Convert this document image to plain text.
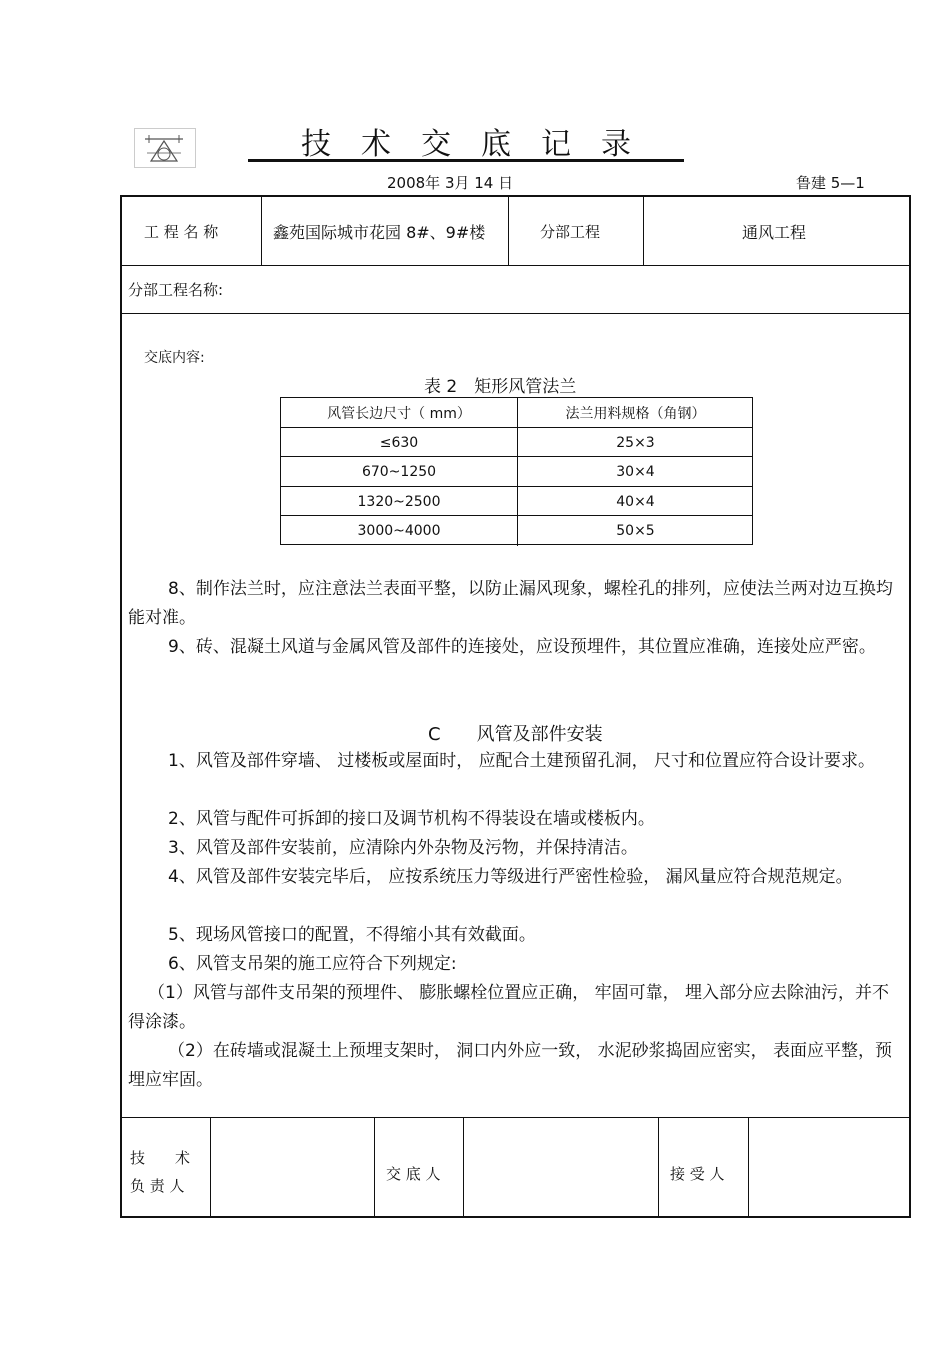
技术交底记录
2008年 3月 14 日	鲁建 5—1
工 程 名 称	鑫苑国际城市花园 8#、9#楼	分部工程	通风工程
分部工程名称:
交底内容:
表 2　矩形风管法兰
风管长边尺寸（ mm）	法兰用料规格（角钢）
≤630	25×3
670~1250	30×4
1320~2500	40×4
3000~4000	50×5
8、制作法兰时，应注意法兰表面平整，以防止漏风现象，螺栓孔的排列，应使法兰两对边互换均能对准。
9、砖、混凝土风道与金属风管及部件的连接处，应设预埋件，其位置应准确，连接处应严密。
C　　风管及部件安装
1、风管及部件穿墙、 过楼板或屋面时， 应配合土建预留孔洞， 尺寸和位置应符合设计要求。
2、风管与配件可拆卸的接口及调节机构不得装设在墙或楼板内。
3、风管及部件安装前，应清除内外杂物及污物，并保持清洁。
4、风管及部件安装完毕后， 应按系统压力等级进行严密性检验， 漏风量应符合规范规定。
5、现场风管接口的配置，不得缩小其有效截面。
6、风管支吊架的施工应符合下列规定:
（1）风管与部件支吊架的预埋件、 膨胀螺栓位置应正确， 牢固可靠， 埋入部分应去除油污，并不得涂漆。
（2）在砖墙或混凝土上预埋支架时， 洞口内外应一致， 水泥砂浆捣固应密实， 表面应平整，预埋应牢固。
技　　术
负 责 人
交 底 人	接 受 人
